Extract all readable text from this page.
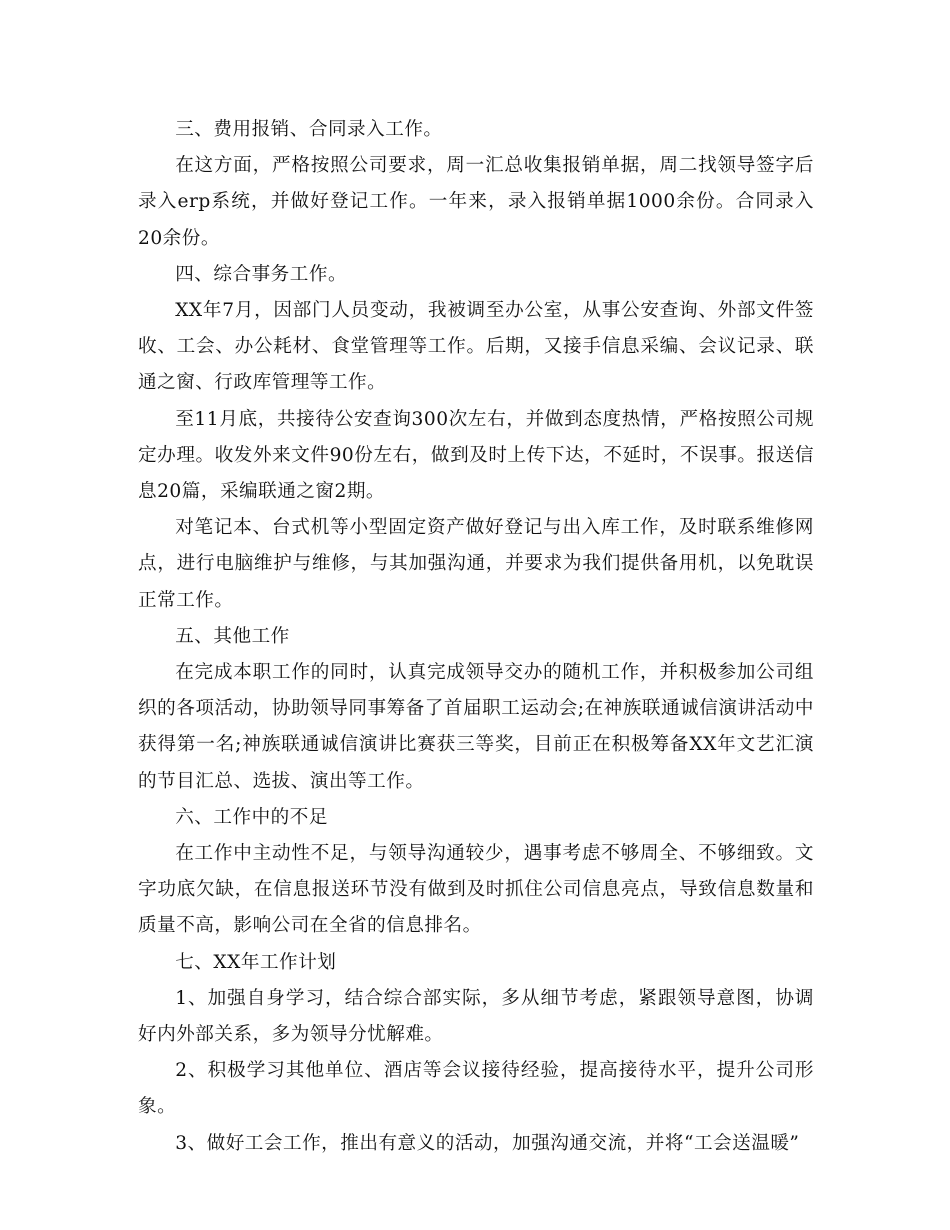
三、费用报销、合同录入工作。

在这方面，严格按照公司要求，周一汇总收集报销单据，周二找领导签字后录入erp系统，并做好登记工作。一年来，录入报销单据1000余份。合同录入20余份。

四、综合事务工作。

XX年7月，因部门人员变动，我被调至办公室，从事公安查询、外部文件签收、工会、办公耗材、食堂管理等工作。后期，又接手信息采编、会议记录、联通之窗、行政库管理等工作。

至11月底，共接待公安查询300次左右，并做到态度热情，严格按照公司规定办理。收发外来文件90份左右，做到及时上传下达，不延时，不误事。报送信息20篇，采编联通之窗2期。

对笔记本、台式机等小型固定资产做好登记与出入库工作，及时联系维修网点，进行电脑维护与维修，与其加强沟通，并要求为我们提供备用机，以免耽误正常工作。

五、其他工作

在完成本职工作的同时，认真完成领导交办的随机工作，并积极参加公司组织的各项活动，协助领导同事筹备了首届职工运动会;在神族联通诚信演讲活动中获得第一名;神族联通诚信演讲比赛获三等奖，目前正在积极筹备XX年文艺汇演的节目汇总、选拔、演出等工作。

六、工作中的不足

在工作中主动性不足，与领导沟通较少，遇事考虑不够周全、不够细致。文字功底欠缺，在信息报送环节没有做到及时抓住公司信息亮点，导致信息数量和质量不高，影响公司在全省的信息排名。

七、XX年工作计划

1、加强自身学习，结合综合部实际，多从细节考虑，紧跟领导意图，协调好内外部关系，多为领导分忧解难。

2、积极学习其他单位、酒店等会议接待经验，提高接待水平，提升公司形象。

3、做好工会工作，推出有意义的活动，加强沟通交流，并将“工会送温暖”
